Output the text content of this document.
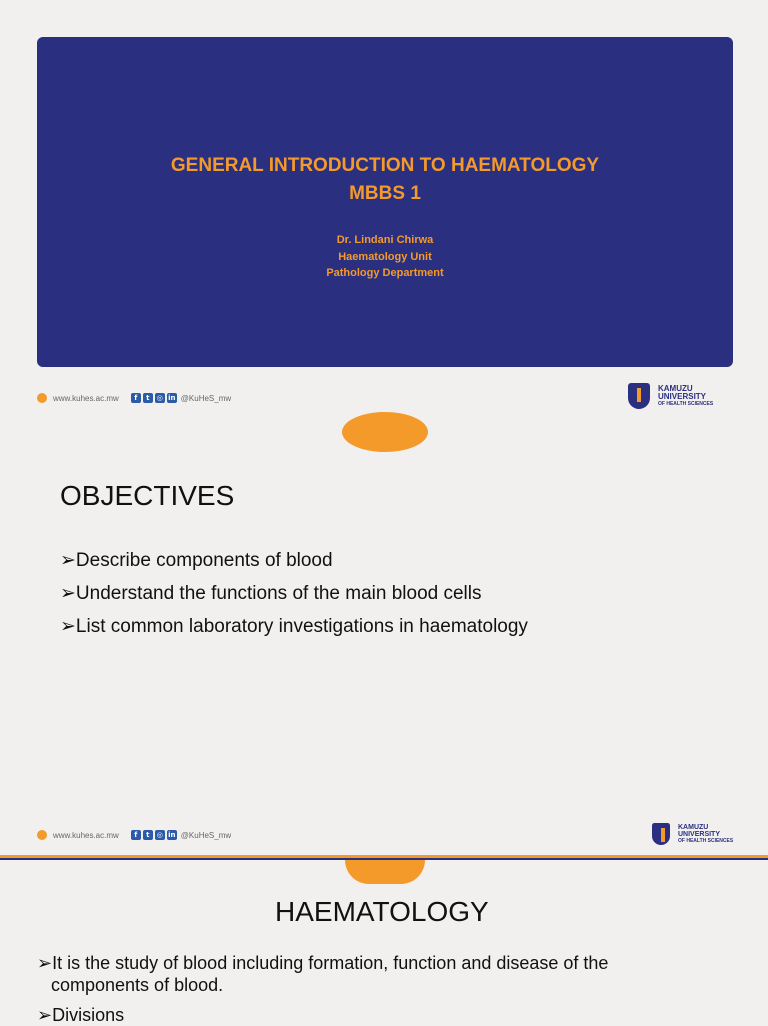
GENERAL INTRODUCTION TO HAEMATOLOGY
MBBS 1
Dr. Lindani Chirwa
Haematology Unit
Pathology Department
www.kuhes.ac.mw	f	t	◎ in @KuHeS_mw
KAMUZU
UNIVERSITY
OF HEALTH SCIENCES
OBJECTIVES
➢Describe components of blood
➢Understand the functions of the main blood cells
➢List common laboratory investigations in haematology
www.kuhes.ac.mw	f	t	◎ in @KuHeS_mw
KAMUZU
UNIVERSITY
OF HEALTH SCIENCES
HAEMATOLOGY
➢It is the study of blood including formation, function and disease of the
components of blood.
➢Divisions
